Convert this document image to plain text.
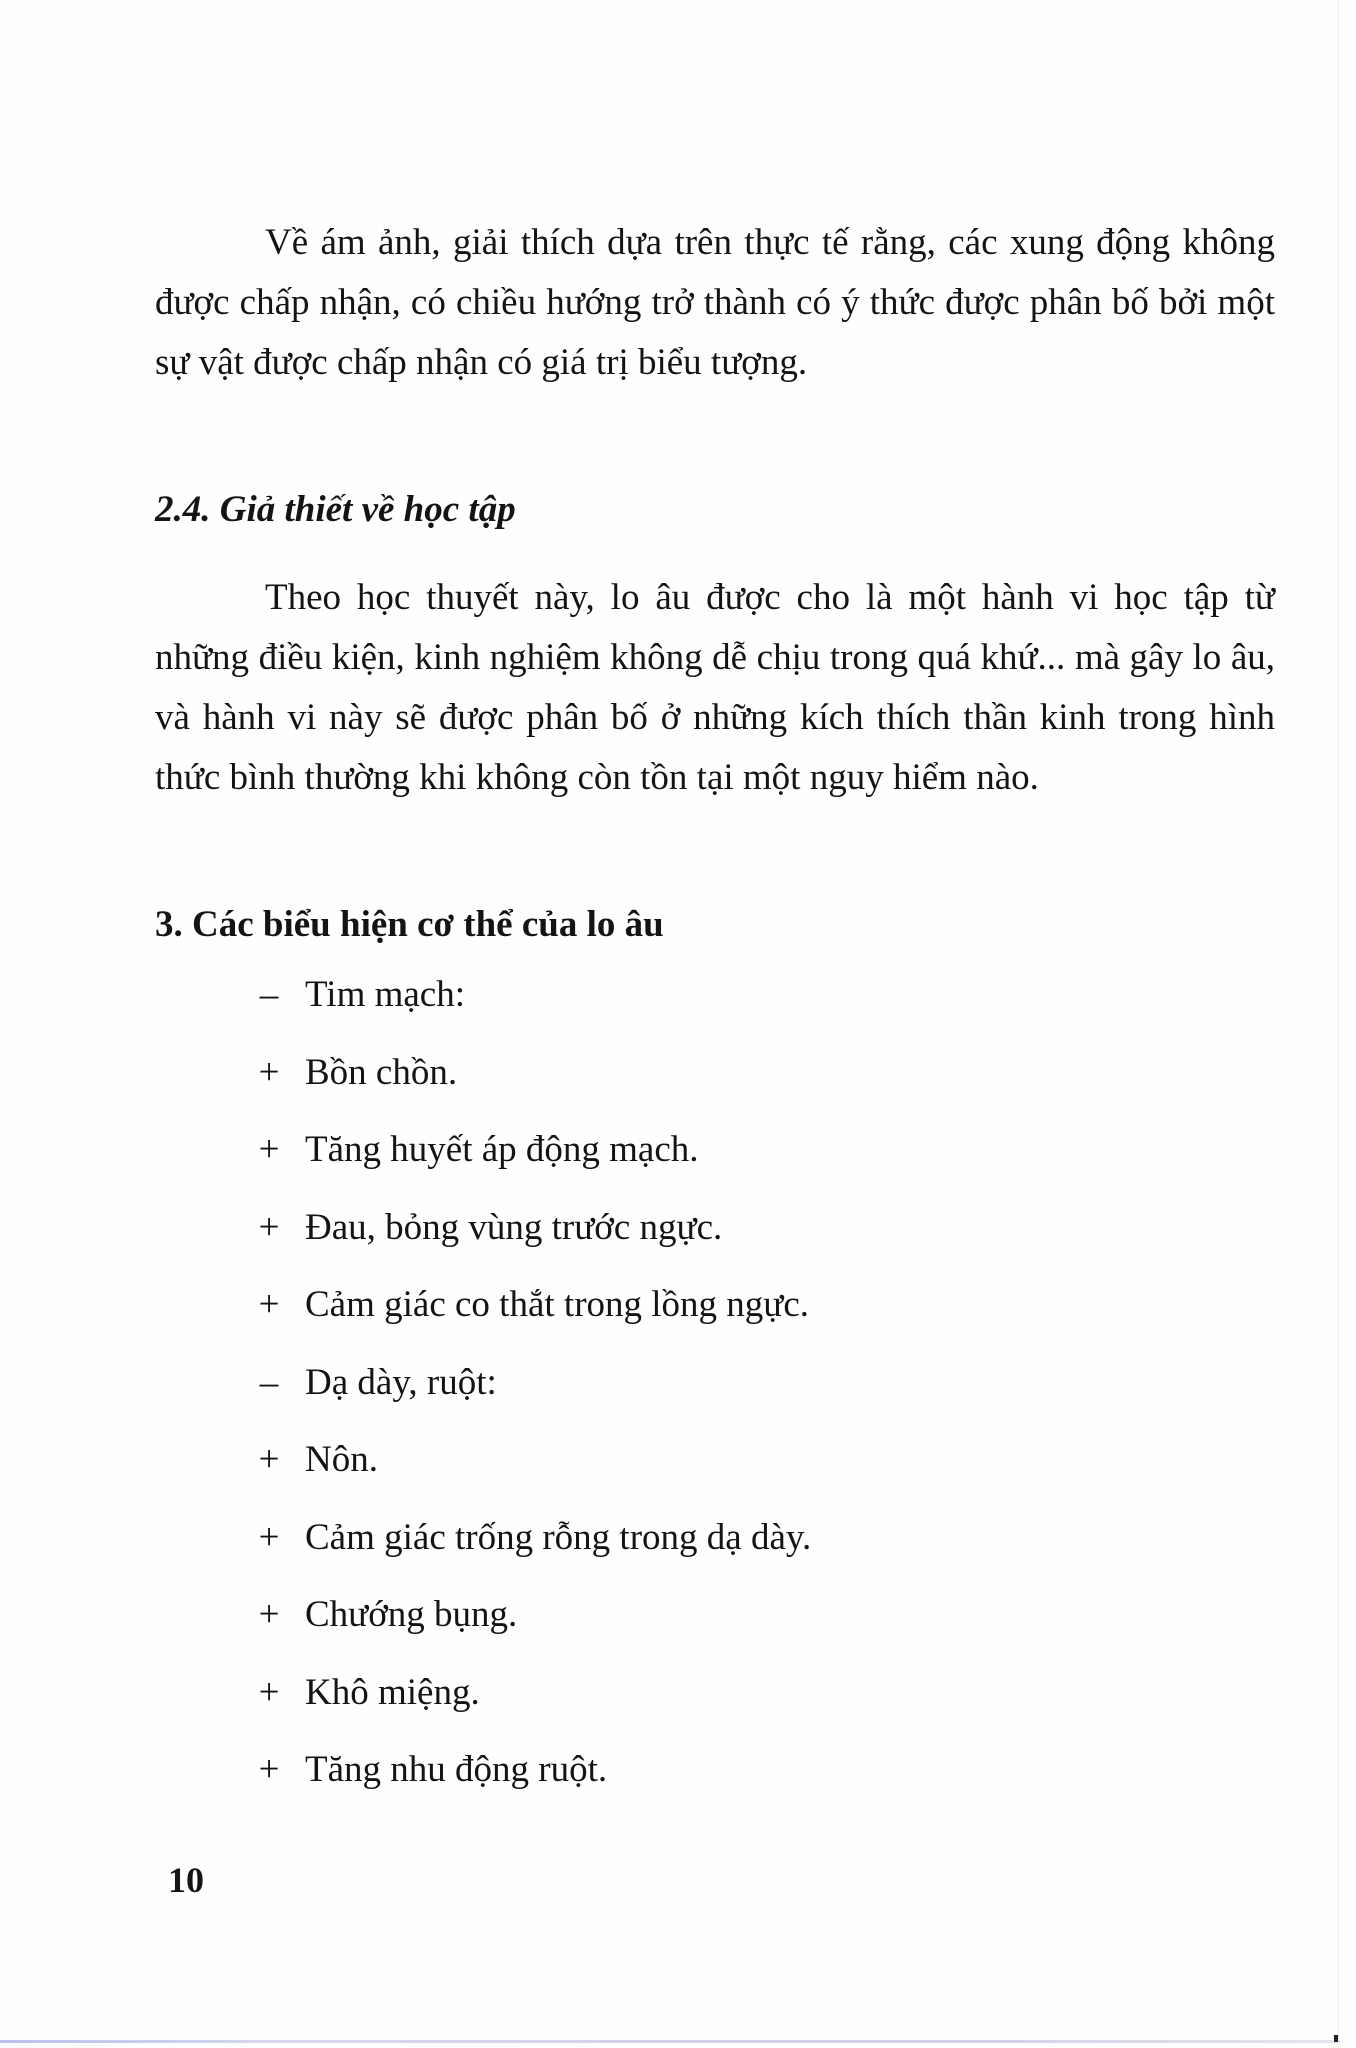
Về ám ảnh, giải thích dựa trên thực tế rằng, các xung động không được chấp nhận, có chiều hướng trở thành có ý thức được phân bố bởi một sự vật được chấp nhận có giá trị biểu tượng.

2.4. Giả thiết về học tập

Theo học thuyết này, lo âu được cho là một hành vi học tập từ những điều kiện, kinh nghiệm không dễ chịu trong quá khứ... mà gây lo âu, và hành vi này sẽ được phân bố ở những kích thích thần kinh trong hình thức bình thường khi không còn tồn tại một nguy hiểm nào.

3. Các biểu hiện cơ thể của lo âu
– Tim mạch:
+ Bồn chồn.
+ Tăng huyết áp động mạch.
+ Đau, bỏng vùng trước ngực.
+ Cảm giác co thắt trong lồng ngực.
– Dạ dày, ruột:
+ Nôn.
+ Cảm giác trống rỗng trong dạ dày.
+ Chướng bụng.
+ Khô miệng.
+ Tăng nhu động ruột.
10
